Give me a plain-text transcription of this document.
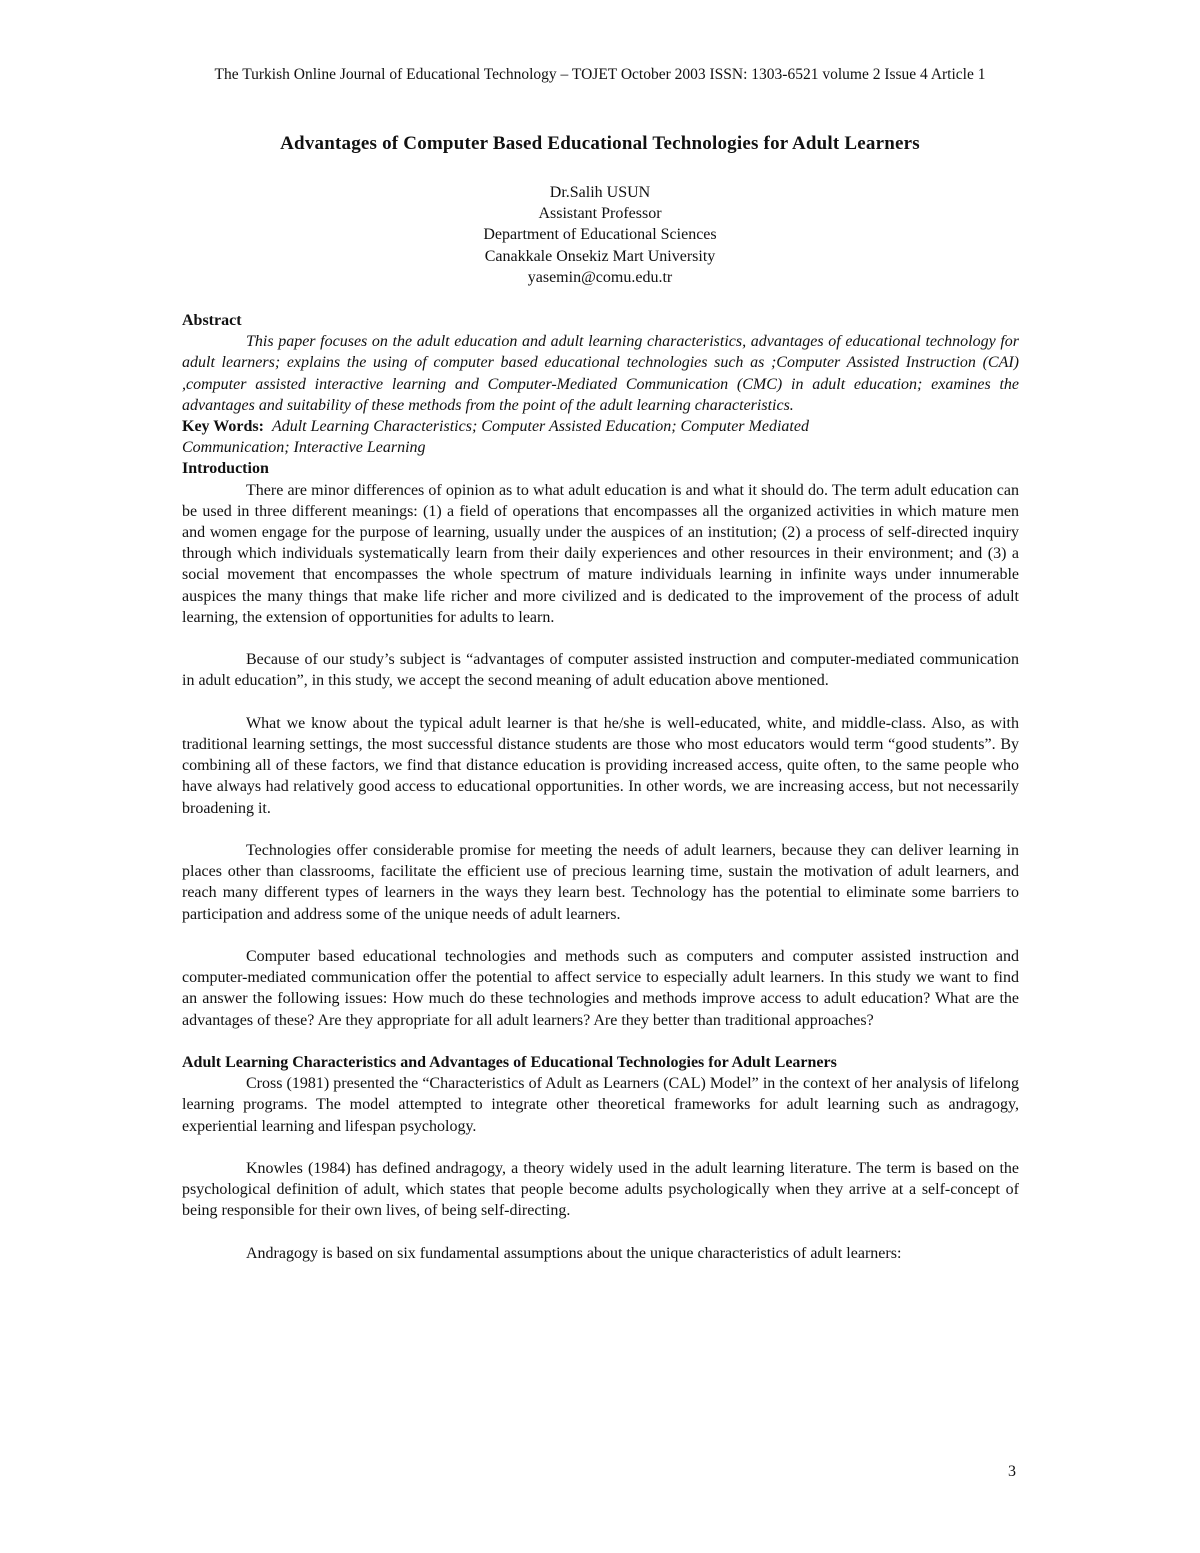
The Turkish Online Journal of Educational Technology – TOJET October 2003 ISSN: 1303-6521 volume 2 Issue 4 Article 1
Advantages of Computer Based Educational Technologies for Adult Learners
Dr.Salih USUN
Assistant Professor
Department of Educational Sciences
Canakkale Onsekiz Mart University
yasemin@comu.edu.tr

Abstract

This paper focuses on the adult education and adult learning characteristics, advantages of educational technology for adult learners; explains the using of computer based educational technologies such as ;Computer Assisted Instruction (CAI) ,computer assisted interactive learning and Computer-Mediated Communication (CMC) in adult education; examines the advantages and suitability of these methods from the point of the adult learning characteristics.

Key Words: Adult Learning Characteristics; Computer Assisted Education; Computer Mediated

Communication; Interactive Learning

Introduction

There are minor differences of opinion as to what adult education is and what it should do. The term adult education can be used in three different meanings: (1) a field of operations that encompasses all the organized activities in which mature men and women engage for the purpose of learning, usually under the auspices of an institution; (2) a process of self-directed inquiry through which individuals systematically learn from their daily experiences and other resources in their environment; and (3) a social movement that encompasses the whole spectrum of mature individuals learning in infinite ways under innumerable auspices the many things that make life richer and more civilized and is dedicated to the improvement of the process of adult learning, the extension of opportunities for adults to learn.

Because of our study’s subject is “advantages of computer assisted instruction and computer-mediated communication in adult education”, in this study, we accept the second meaning of adult education above mentioned.

What we know about the typical adult learner is that he/she is well-educated, white, and middle-class. Also, as with traditional learning settings, the most successful distance students are those who most educators would term “good students”. By combining all of these factors, we find that distance education is providing increased access, quite often, to the same people who have always had relatively good access to educational opportunities. In other words, we are increasing access, but not necessarily broadening it.

Technologies offer considerable promise for meeting the needs of adult learners, because they can deliver learning in places other than classrooms, facilitate the efficient use of precious learning time, sustain the motivation of adult learners, and reach many different types of learners in the ways they learn best. Technology has the potential to eliminate some barriers to participation and address some of the unique needs of adult learners.

Computer based educational technologies and methods such as computers and computer assisted instruction and computer-mediated communication offer the potential to affect service to especially adult learners. In this study we want to find an answer the following issues: How much do these technologies and methods improve access to adult education? What are the advantages of these? Are they appropriate for all adult learners? Are they better than traditional approaches?

Adult Learning Characteristics and Advantages of Educational Technologies for Adult Learners

Cross (1981) presented the “Characteristics of Adult as Learners (CAL) Model” in the context of her analysis of lifelong learning programs. The model attempted to integrate other theoretical frameworks for adult learning such as andragogy, experiential learning and lifespan psychology.

Knowles (1984) has defined andragogy, a theory widely used in the adult learning literature. The term is based on the psychological definition of adult, which states that people become adults psychologically when they arrive at a self-concept of being responsible for their own lives, of being self-directing.

Andragogy is based on six fundamental assumptions about the unique characteristics of adult learners:

3
